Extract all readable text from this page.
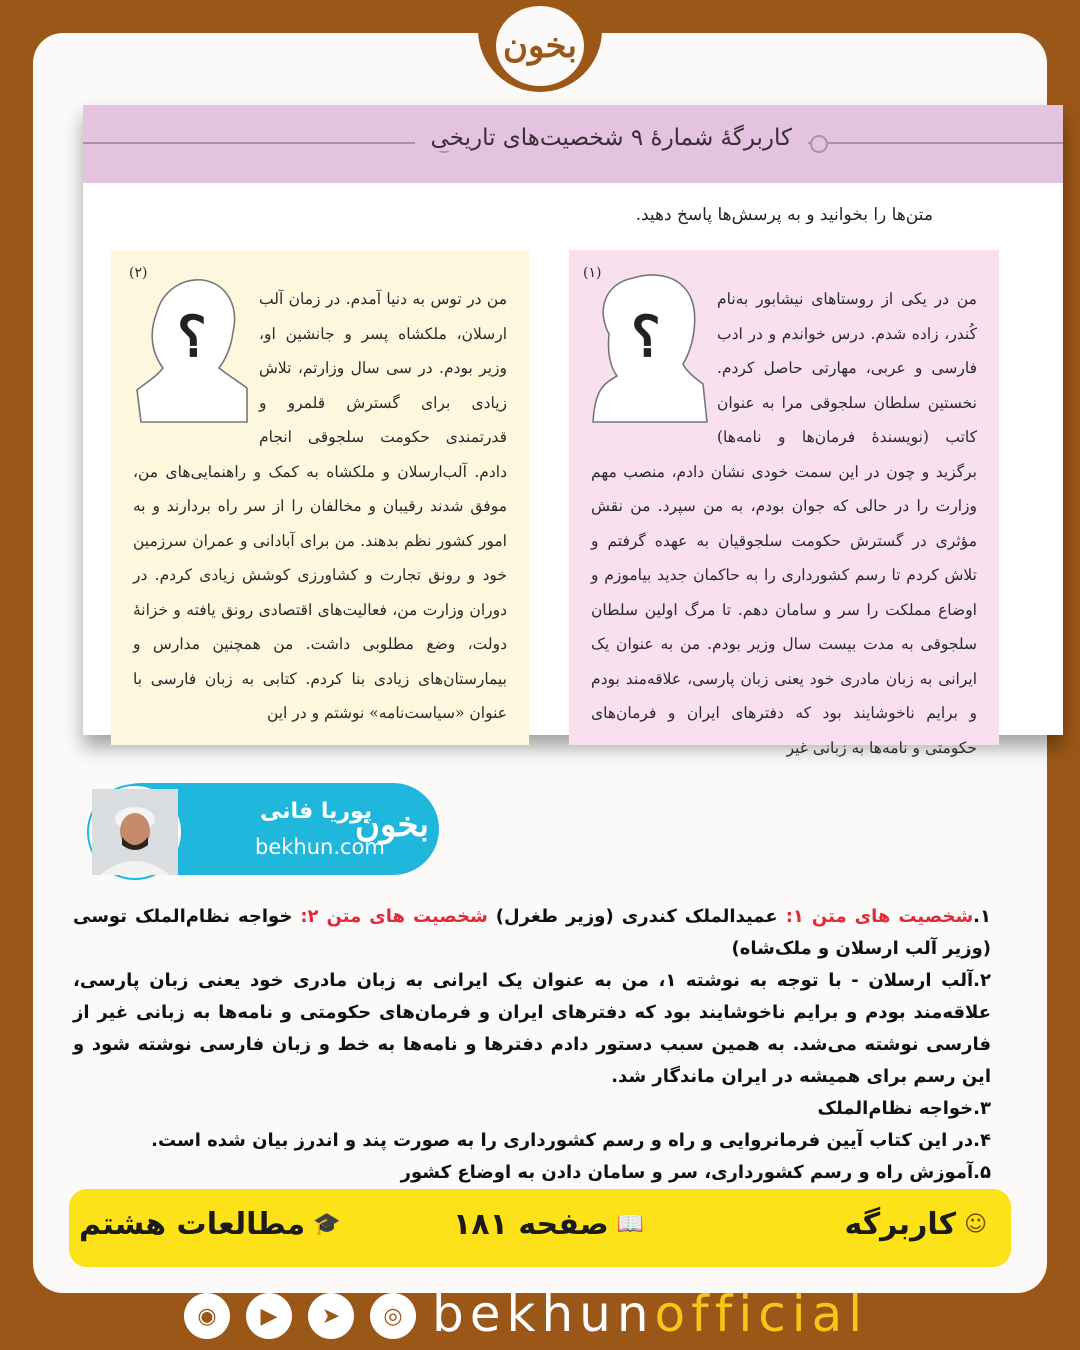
کاربرگهٔ شمارهٔ ۹ شخصیت‌های تاریخی
متن‌ها را بخوانید و به پرسش‌ها پاسخ دهید.
(۱)
؟
من در یکی از روستاهای نیشابور به‌نام کُندر، زاده شدم. درس خواندم و در ادب فارسی و عربی، مهارتی حاصل کردم. نخستین سلطان سلجوقی مرا به عنوان کاتب (نویسندهٔ فرمان‌ها و نامه‌ها) برگزید و چون در این سمت خودی نشان دادم، منصب مهم وزارت را در حالی که جوان بودم، به من سپرد. من نقش مؤثری در گسترش حکومت سلجوقیان به عهده گرفتم و تلاش کردم تا رسم کشورداری را به حاکمان جدید بیاموزم و اوضاع مملکت را سر و سامان دهم. تا مرگ اولین سلطان سلجوقی به مدت بیست سال وزیر بودم. من به عنوان یک ایرانی به زبان مادری خود یعنی زبان پارسی، علاقه‌مند بودم و برایم ناخوشایند بود که دفترهای ایران و فرمان‌های حکومتی و نامه‌ها به زبانی غیر
(۲)
؟
من در توس به دنیا آمدم. در زمان آلب ارسلان، ملکشاه پسر و جانشین او، وزیر بودم. در سی سال وزارتم، تلاش زیادی برای گسترش قلمرو و قدرتمندی حکومت سلجوقی انجام دادم. آلب‌ارسلان و ملکشاه به کمک و راهنمایی‌های من، موفق شدند رقیبان و مخالفان را از سر راه بردارند و به امور کشور نظم بدهند. من برای آبادانی و عمران سرزمین خود و رونق تجارت و کشاورزی کوشش زیادی کردم. در دوران وزارت من، فعالیت‌های اقتصادی رونق یافته و خزانهٔ دولت، وضع مطلوبی داشت. من همچنین مدارس و بیمارستان‌های زیادی بنا کردم. کتابی به زبان فارسی با عنوان «سیاست‌نامه» نوشتم و در این
پوریا فانی
bekhun.com
بخون

۱.شخصیت های متن ۱: عمیدالملک کندری (وزیر طغرل) شخصیت های متن ۲: خواجه نظام‌الملک توسی (وزیر آلب ارسلان و ملک‌شاه)

۲.آلب ارسلان - با توجه به نوشته ۱، من به عنوان یک ایرانی به زبان مادری خود یعنی زبان پارسی، علاقه‌مند بودم و برایم ناخوشایند بود که دفترهای ایران و فرمان‌های حکومتی و نامه‌ها به زبانی غیر از فارسی نوشته می‌شد. به همین سبب دستور دادم دفترها و نامه‌ها به خط و زبان فارسی نوشته شود و این رسم برای همیشه در ایران ماندگار شد.

۳.خواجه نظام‌الملک

۴.در این کتاب آیین فرمانروایی و راه و رسم کشورداری را به صورت پند و اندرز بیان شده است.

۵.آموزش راه و رسم کشورداری، سر و سامان دادن به اوضاع کشور

☺
کاربرگه
📖
صفحه ۱۸۱
🎓
مطالعات هشتم
بخون
◉	▶	➤	◎ bekhunofficial
